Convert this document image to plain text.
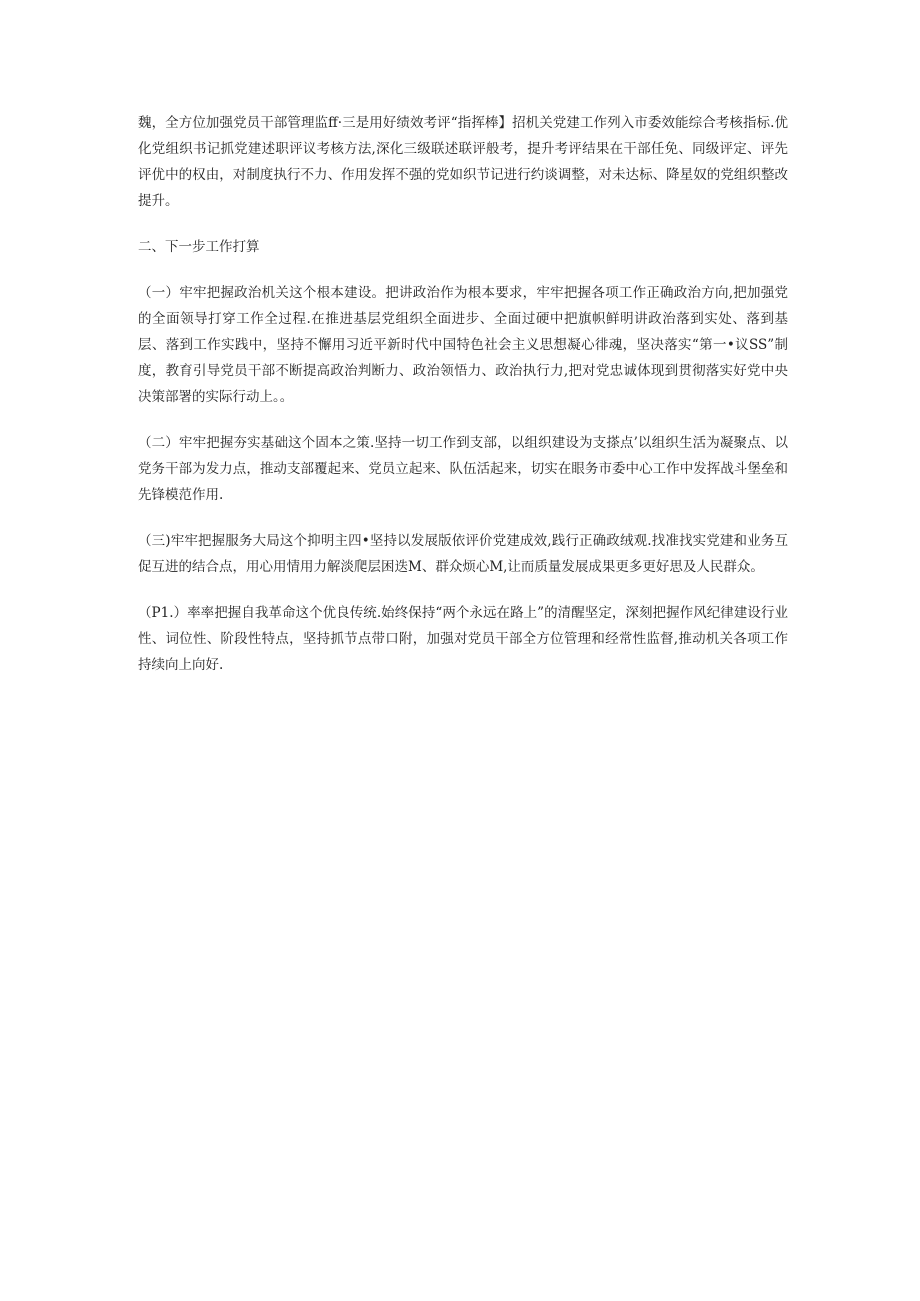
魏，全方位加强党员干部管理监ff·三是用好绩效考评“指挥棒】招机关党建工作列入市委效能综合考核指标.优化党组织书记抓党建述职评议考核方法,深化三级联述联评般考，提升考评结果在干部任免、同级评定、评先评优中的权由，对制度执行不力、作用发挥不强的党如织节记进行约谈调整，对未达标、降星奴的党组织整改提升。

二、下一步工作打算

（一）牢牢把握政治机关这个根本建设。把讲政治作为根本要求，牢牢把握各项工作正确政治方向,把加强党的全面领导打穿工作全过程.在推进基层党组织全面进步、全面过硬中把旗帜鲜明讲政治落到实处、落到基层、落到工作实践中，坚持不懈用习近平新时代中国特色社会主义思想凝心徘魂，坚决落实“第一•议SS”制度，教育引导党员干部不断提高政治判断力、政治领悟力、政治执行力,把对党忠诚体现到贯彻落实好党中央决策部署的实际行动上。。

（二）牢牢把握夯实基础这个固本之策.坚持一切工作到支部，以组织建设为支搽点’以组织生活为凝聚点、以党务干部为发力点，推动支部覆起来、党员立起来、队伍活起来，切实在眼务市委中心工作中发挥战斗堡垒和先锋模范作用.

（三)牢牢把握服务大局这个抑明主四•坚持以发展版依评价党建成效,践行正确政绒观.找准找实党建和业务互促互进的结合点，用心用情用力解淡爬层困迭M、群众烦心M,让而质量发展成果更多更好思及人民群众。

（P1.）率率把握自我革命这个优良传统.始终保持“两个永远在路上”的清醒坚定，深刻把握作风纪律建设行业性、词位性、阶段性特点，坚持抓节点带口附，加强对党员干部全方位管理和经常性监督,推动机关各项工作持续向上向好.
